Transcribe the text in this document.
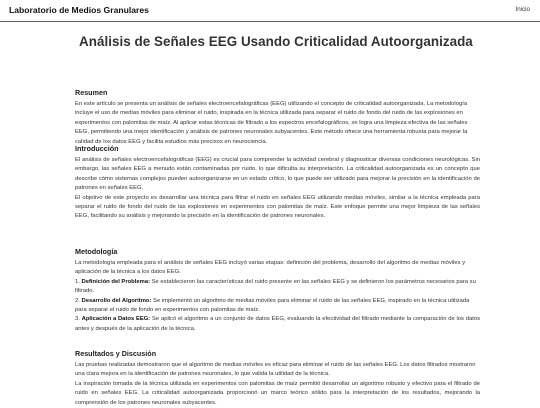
Laboratorio de Medios Granulares	Inicio
Análisis de Señales EEG Usando Criticalidad Autoorganizada
Resumen

En este artículo se presenta un análisis de señales electroencefalográficas (EEG) utilizando el concepto de criticalidad autoorganizada. La metodología incluye el uso de medias móviles para eliminar el ruido, inspirada en la técnica utilizada para separar el ruido de fondo del ruido de las explosiones en experimentos con palomitas de maíz. Al aplicar estas técnicas de filtrado a los espectros encefalográficos, se logra una limpieza efectiva de las señales EEG, permitiendo una mejor identificación y análisis de patrones neuronales subyacentes. Este método ofrece una herramienta robusta para mejorar la calidad de los datos EEG y facilita estudios más precisos en neurociencia.

Introducción

El análisis de señales electroencefalográficas (EEG) es crucial para comprender la actividad cerebral y diagnosticar diversas condiciones neurológicas. Sin embargo, las señales EEG a menudo están contaminadas por ruido, lo que dificulta su interpretación. La criticalidad autoorganizada es un concepto que describe cómo sistemas complejos pueden autoorganizarse en un estado crítico, lo que puede ser utilizado para mejorar la precisión en la identificación de patrones en señales EEG.

El objetivo de este proyecto es desarrollar una técnica para filtrar el ruido en señales EEG utilizando medias móviles, similar a la técnica empleada para separar el ruido de fondo del ruido de las explosiones en experimentos con palomitas de maíz. Este enfoque permite una mejor limpieza de las señales EEG, facilitando su análisis y mejorando la precisión en la identificación de patrones neuronales.

Metodología

La metodología empleada para el análisis de señales EEG incluyó varias etapas: definición del problema, desarrollo del algoritmo de medias móviles y aplicación de la técnica a los datos EEG.

1. Definición del Problema: Se establecieron las características del ruido presente en las señales EEG y se definieron los parámetros necesarios para su filtrado.

2. Desarrollo del Algoritmo: Se implementó un algoritmo de medias móviles para eliminar el ruido de las señales EEG, inspirado en la técnica utilizada para separar el ruido de fondo en experimentos con palomitas de maíz.

3. Aplicación a Datos EEG: Se aplicó el algoritmo a un conjunto de datos EEG, evaluando la efectividad del filtrado mediante la comparación de los datos antes y después de la aplicación de la técnica.

Resultados y Discusión

Las pruebas realizadas demostraron que el algoritmo de medias móviles es eficaz para eliminar el ruido de las señales EEG. Los datos filtrados mostraron una clara mejora en la identificación de patrones neuronales, lo que valida la utilidad de la técnica.

La inspiración tomada de la técnica utilizada en experimentos con palomitas de maíz permitió desarrollar un algoritmo robusto y efectivo para el filtrado de ruido en señales EEG. La criticalidad autoorganizada proporcionó un marco teórico sólido para la interpretación de los resultados, mejorando la comprensión de los patrones neuronales subyacentes.
